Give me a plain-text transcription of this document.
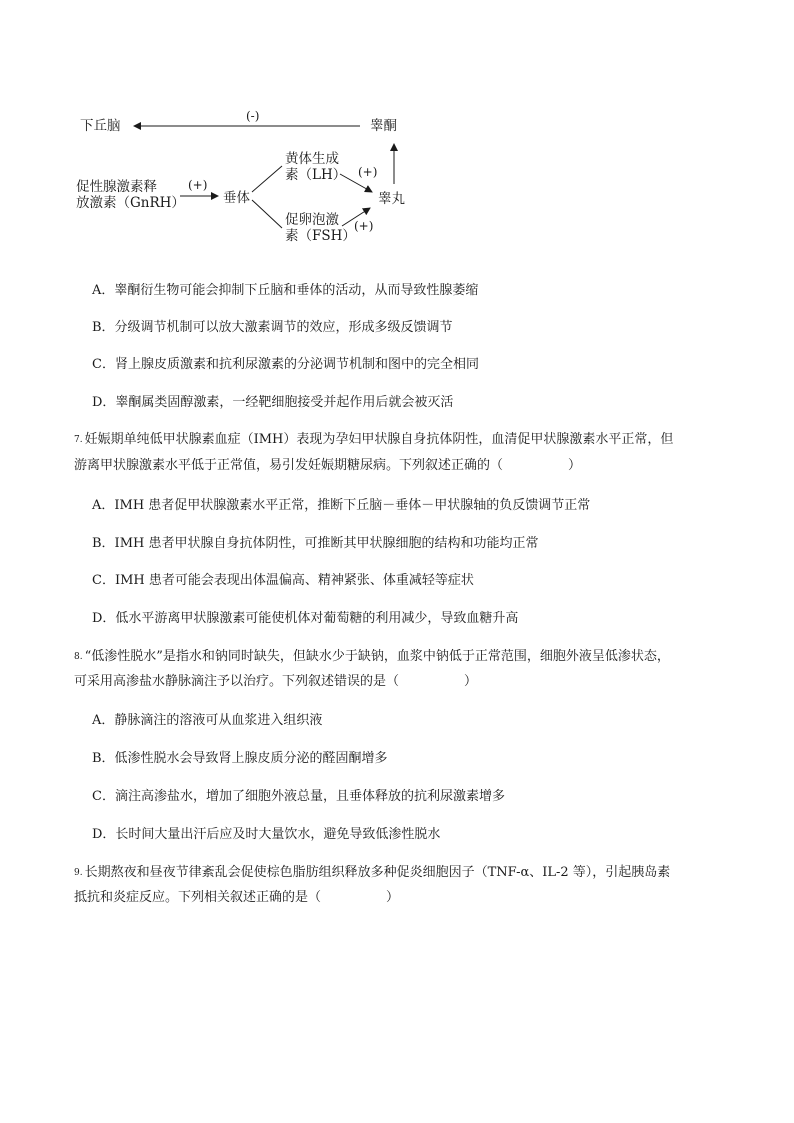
下丘脑	睾酮
(-)
促性腺激素释
放激素（GnRH）
(+)
垂体
黄体生成
素（LH） (+)
促卵泡激
素（FSH）
(+)
睾丸
A．睾酮衍生物可能会抑制下丘脑和垂体的活动，从而导致性腺萎缩
B．分级调节机制可以放大激素调节的效应，形成多级反馈调节
C．肾上腺皮质激素和抗利尿激素的分泌调节机制和图中的完全相同
D．睾酮属类固醇激素，一经靶细胞接受并起作用后就会被灭活
7. 妊娠期单纯低甲状腺素血症（IMH）表现为孕妇甲状腺自身抗体阴性，血清促甲状腺激素水平正常，但
游离甲状腺激素水平低于正常值，易引发妊娠期糖尿病。下列叙述正确的（　　　　　）
A．IMH 患者促甲状腺激素水平正常，推断下丘脑－垂体－甲状腺轴的负反馈调节正常
B．IMH 患者甲状腺自身抗体阴性，可推断其甲状腺细胞的结构和功能均正常
C．IMH 患者可能会表现出体温偏高、精神紧张、体重减轻等症状
D．低水平游离甲状腺激素可能使机体对葡萄糖的利用减少，导致血糖升高
8. “低渗性脱水”是指水和钠同时缺失，但缺水少于缺钠，血浆中钠低于正常范围，细胞外液呈低渗状态，
可采用高渗盐水静脉滴注予以治疗。下列叙述错误的是（　　　　　）
A．静脉滴注的溶液可从血浆进入组织液
B．低渗性脱水会导致肾上腺皮质分泌的醛固酮增多
C．滴注高渗盐水，增加了细胞外液总量，且垂体释放的抗利尿激素增多
D．长时间大量出汗后应及时大量饮水，避免导致低渗性脱水
9. 长期熬夜和昼夜节律紊乱会促使棕色脂肪组织释放多种促炎细胞因子（TNF-α、IL-2 等），引起胰岛素
抵抗和炎症反应。下列相关叙述正确的是（　　　　　）
